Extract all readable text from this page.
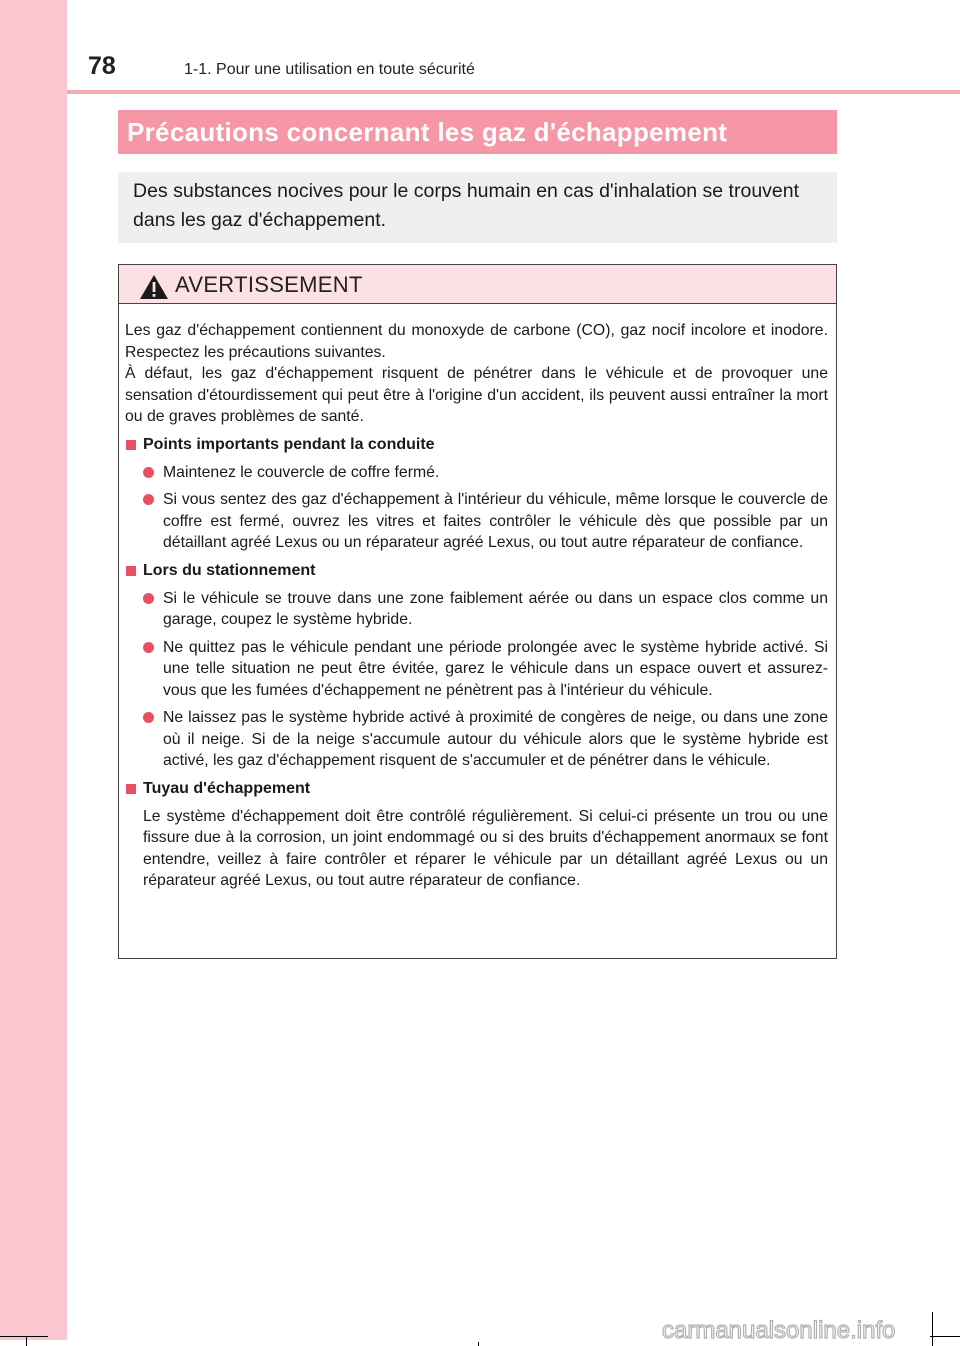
78	1-1. Pour une utilisation en toute sécurité
Précautions concernant les gaz d'échappement
Des substances nocives pour le corps humain en cas d'inhalation se trouvent dans les gaz d'échappement.
AVERTISSEMENT

Les gaz d'échappement contiennent du monoxyde de carbone (CO), gaz nocif incolore et inodore. Respectez les précautions suivantes.

À défaut, les gaz d'échappement risquent de pénétrer dans le véhicule et de provoquer une sensation d'étourdissement qui peut être à l'origine d'un accident, ils peuvent aussi entraîner la mort ou de graves problèmes de santé.

Points importants pendant la conduite
Maintenez le couvercle de coffre fermé.
Si vous sentez des gaz d'échappement à l'intérieur du véhicule, même lorsque le couvercle de coffre est fermé, ouvrez les vitres et faites contrôler le véhicule dès que possible par un détaillant agréé Lexus ou un réparateur agréé Lexus, ou tout autre réparateur de confiance.
Lors du stationnement
Si le véhicule se trouve dans une zone faiblement aérée ou dans un espace clos comme un garage, coupez le système hybride.
Ne quittez pas le véhicule pendant une période prolongée avec le système hybride activé. Si une telle situation ne peut être évitée, garez le véhicule dans un espace ouvert et assurez-vous que les fumées d'échappement ne pénètrent pas à l'intérieur du véhicule.
Ne laissez pas le système hybride activé à proximité de congères de neige, ou dans une zone où il neige. Si de la neige s'accumule autour du véhicule alors que le système hybride est activé, les gaz d'échappement risquent de s'accumuler et de pénétrer dans le véhicule.
Tuyau d'échappement

Le système d'échappement doit être contrôlé régulièrement. Si celui-ci présente un trou ou une fissure due à la corrosion, un joint endommagé ou si des bruits d'échappement anormaux se font entendre, veillez à faire contrôler et réparer le véhicule par un détaillant agréé Lexus ou un réparateur agréé Lexus, ou tout autre réparateur de confiance.

carmanualsonline.info
